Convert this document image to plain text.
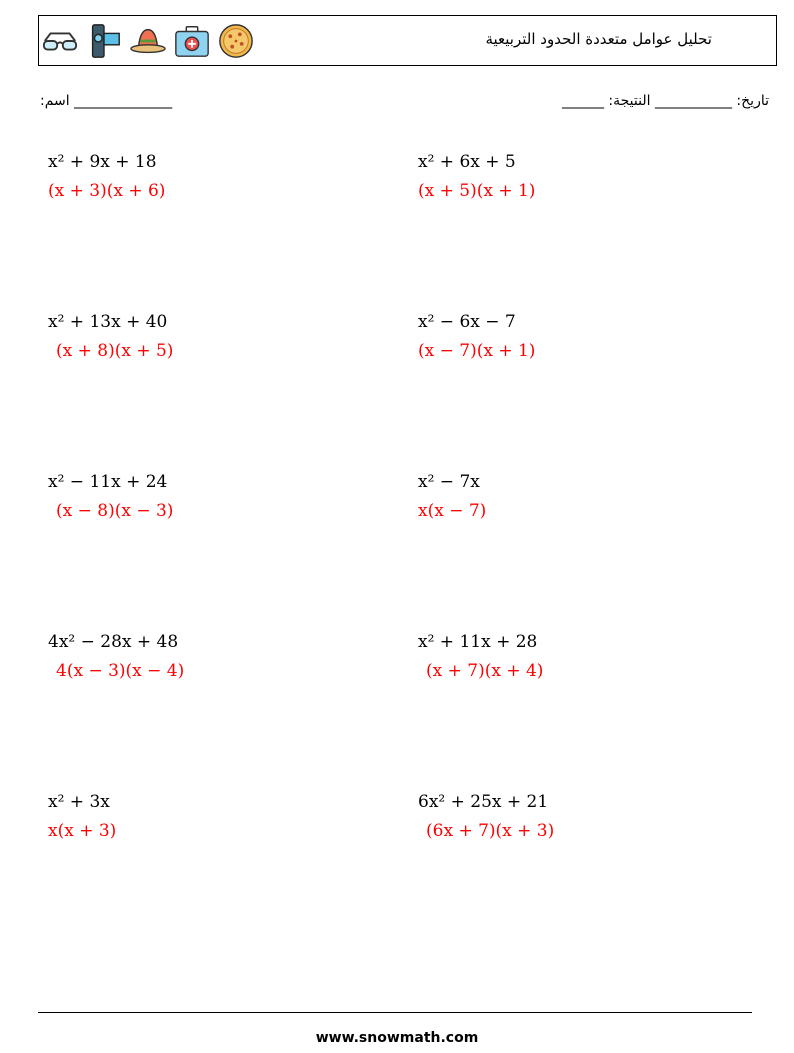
تحليل عوامل متعددة الحدود التربيعية
:اسم ______________	______ :تاريخ: ___________ النتيجة
x² + 9x + 18
(x + 3)(x + 6)
x² + 6x + 5
(x + 5)(x + 1)
x² + 13x + 40
(x + 8)(x + 5)
x² − 6x − 7
(x − 7)(x + 1)
x² − 11x + 24
(x − 8)(x − 3)
x² − 7x
x(x − 7)
4x² − 28x + 48
4(x − 3)(x − 4)
x² + 11x + 28
(x + 7)(x + 4)
x² + 3x
x(x + 3)
6x² + 25x + 21
(6x + 7)(x + 3)
www.snowmath.com
